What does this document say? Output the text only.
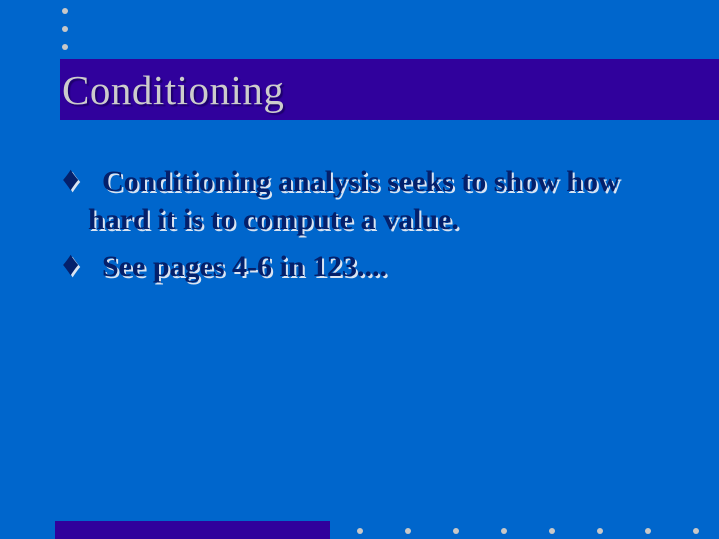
Conditioning
♦ Conditioning analysis seeks to show how hard it is to compute a value.
♦ See pages 4-6 in 123....
